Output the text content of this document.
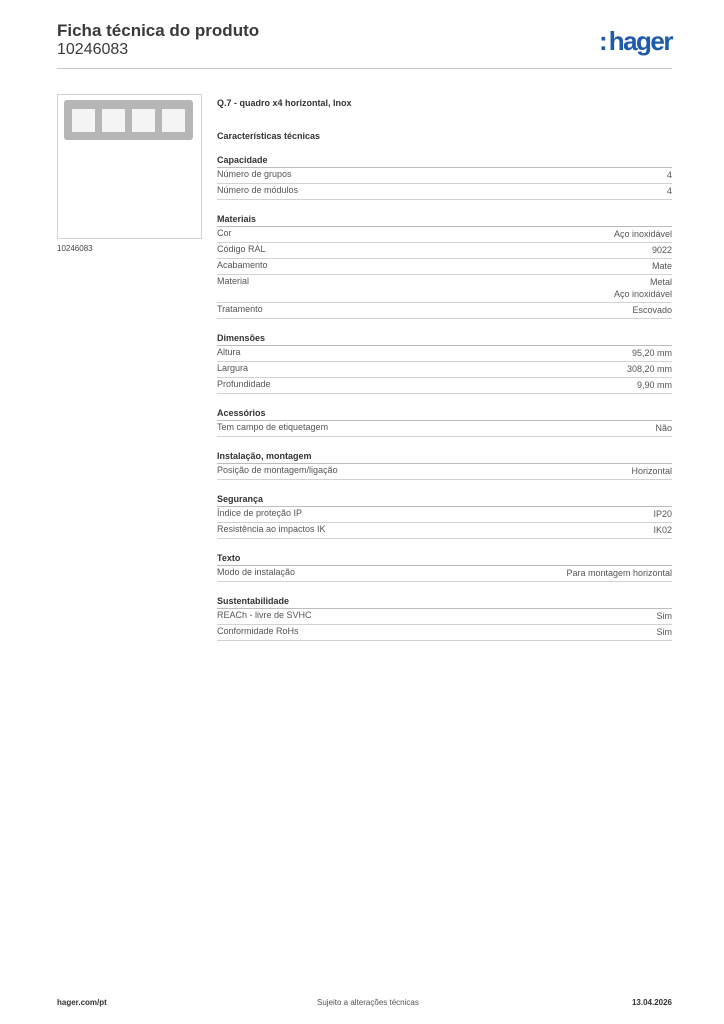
Ficha técnica do produto
10246083	:hager
10246083
Q.7 - quadro x4 horizontal, Inox
Características técnicas
Capacidade
Número de grupos	4
Número de módulos	4
Materiais
Cor	Aço inoxidável
Código RAL	9022
Acabamento	Mate
Material	Metal
Aço inoxidável
Tratamento	Escovado
Dimensões
Altura	95,20 mm
Largura	308,20 mm
Profundidade	9,90 mm
Acessórios
Tem campo de etiquetagem	Não
Instalação, montagem
Posição de montagem/ligação	Horizontal
Segurança
Índice de proteção IP	IP20
Resistência ao impactos IK	IK02
Texto
Modo de instalação	Para montagem horizontal
Sustentabilidade
REACh - livre de SVHC	Sim
Conformidade RoHs	Sim
hager.com/pt	Sujeito a alterações técnicas	13.04.2026
